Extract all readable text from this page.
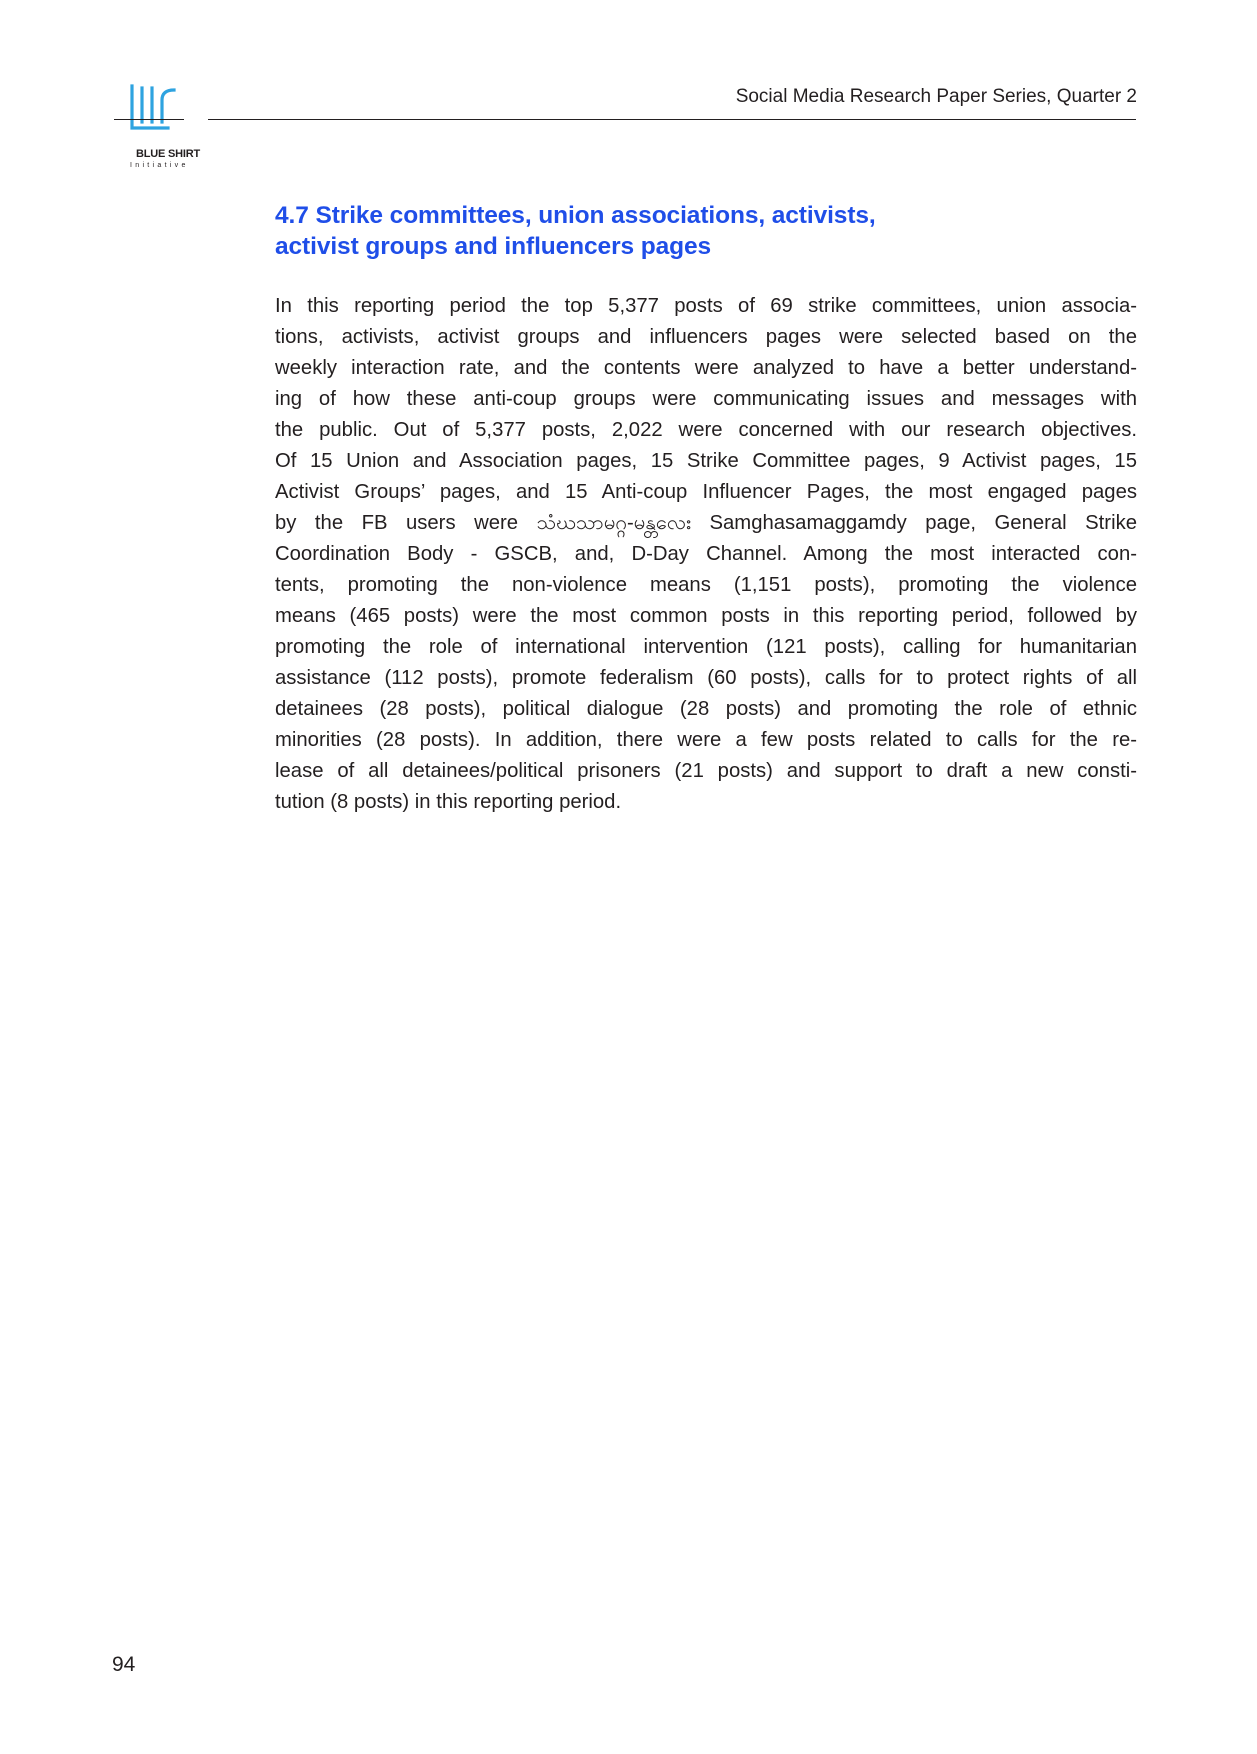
BLUE SHIRT
Initiative
Social Media Research Paper Series, Quarter 2
4.7 Strike committees, union associations, activists,
activist groups and influencers pages
In this reporting period the top 5,377 posts of 69 strike committees, union associa-
tions, activists, activist groups and influencers pages were selected based on the
weekly interaction rate, and the contents were analyzed to have a better understand-
ing of how these anti-coup groups were communicating issues and messages with
the public. Out of 5,377 posts, 2,022 were concerned with our research objectives.
Of 15 Union and Association pages, 15 Strike Committee pages, 9 Activist pages, 15
Activist Groups’ pages, and 15 Anti-coup Influencer Pages, the most engaged pages
by the FB users were သံဃသာမဂ္ဂ-မန္တလေး Samghasamaggamdy page, General Strike
Coordination Body - GSCB, and, D-Day Channel. Among the most interacted con-
tents, promoting the non-violence means (1,151 posts), promoting the violence
means (465 posts) were the most common posts in this reporting period, followed by
promoting the role of international intervention (121 posts), calling for humanitarian
assistance (112 posts), promote federalism (60 posts), calls for to protect rights of all
detainees (28 posts), political dialogue (28 posts) and promoting the role of ethnic
minorities (28 posts). In addition, there were a few posts related to calls for the re-
lease of all detainees/political prisoners (21 posts) and support to draft a new consti-
tution (8 posts) in this reporting period.
94
